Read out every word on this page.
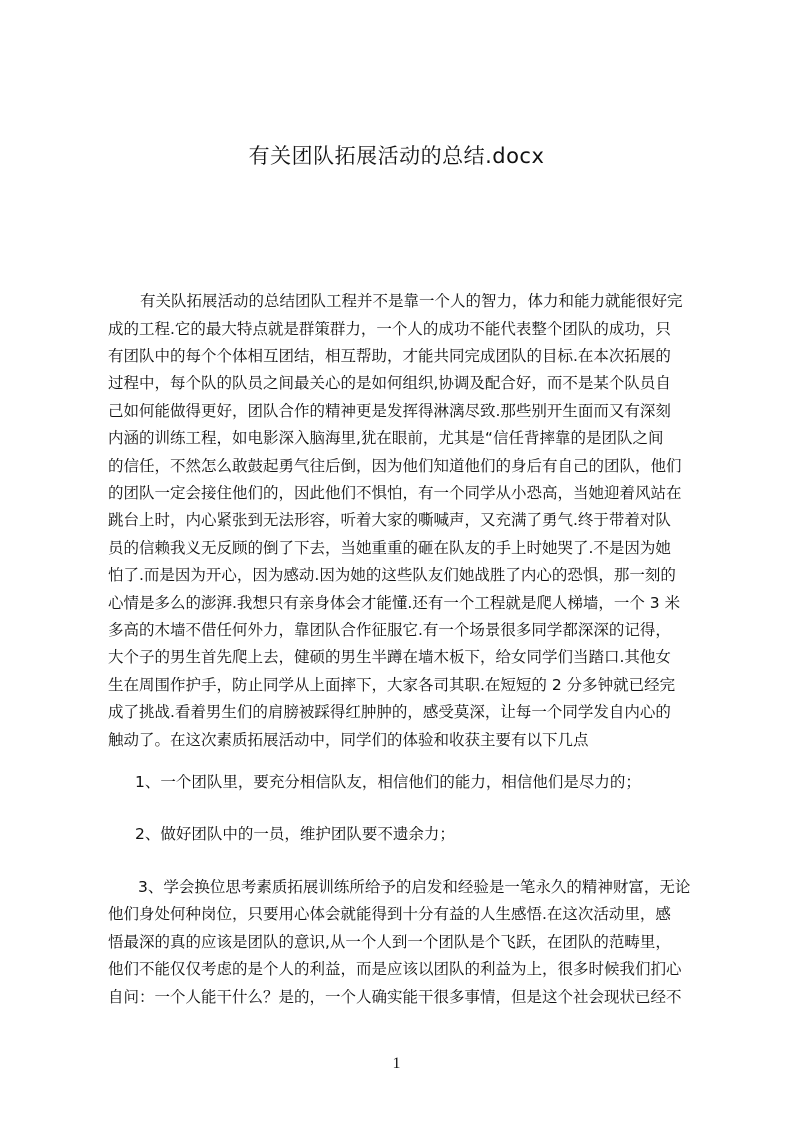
有关团队拓展活动的总结.docx
有关队拓展活动的总结团队工程并不是靠一个人的智力，体力和能力就能很好完
成的工程.它的最大特点就是群策群力，一个人的成功不能代表整个团队的成功，只
有团队中的每个个体相互团结，相互帮助，才能共同完成团队的目标.在本次拓展的
过程中，每个队的队员之间最关心的是如何组织,协调及配合好，而不是某个队员自
己如何能做得更好，团队合作的精神更是发挥得淋漓尽致.那些别开生面而又有深刻
内涵的训练工程，如电影深入脑海里,犹在眼前，尤其是“信任背摔靠的是团队之间
的信任，不然怎么敢鼓起勇气往后倒，因为他们知道他们的身后有自己的团队，他们
的团队一定会接住他们的，因此他们不惧怕，有一个同学从小恐高，当她迎着风站在
跳台上时，内心紧张到无法形容，听着大家的嘶喊声，又充满了勇气.终于带着对队
员的信赖我义无反顾的倒了下去，当她重重的砸在队友的手上时她哭了.不是因为她
怕了.而是因为开心，因为感动.因为她的这些队友们她战胜了内心的恐惧，那一刻的
心情是多么的澎湃.我想只有亲身体会才能懂.还有一个工程就是爬人梯墙，一个 3 米
多高的木墙不借任何外力，靠团队合作征服它.有一个场景很多同学都深深的记得，
大个子的男生首先爬上去，健硕的男生半蹲在墙木板下，给女同学们当踏口.其他女
生在周围作护手，防止同学从上面摔下，大家各司其职.在短短的 2 分多钟就已经完
成了挑战.看着男生们的肩膀被踩得红肿肿的，感受莫深，让每一个同学发自内心的
触动了。在这次素质拓展活动中，同学们的体验和收获主要有以下几点
1、一个团队里，要充分相信队友，相信他们的能力，相信他们是尽力的；
2、做好团队中的一员，维护团队要不遗余力；
3、学会换位思考素质拓展训练所给予的启发和经验是一笔永久的精神财富，无论
他们身处何种岗位，只要用心体会就能得到十分有益的人生感悟.在这次活动里，感
悟最深的真的应该是团队的意识,从一个人到一个团队是个飞跃，在团队的范畴里，
他们不能仅仅考虑的是个人的利益，而是应该以团队的利益为上，很多时候我们扪心
自问：一个人能干什么？是的，一个人确实能干很多事情，但是这个社会现状已经不
1
